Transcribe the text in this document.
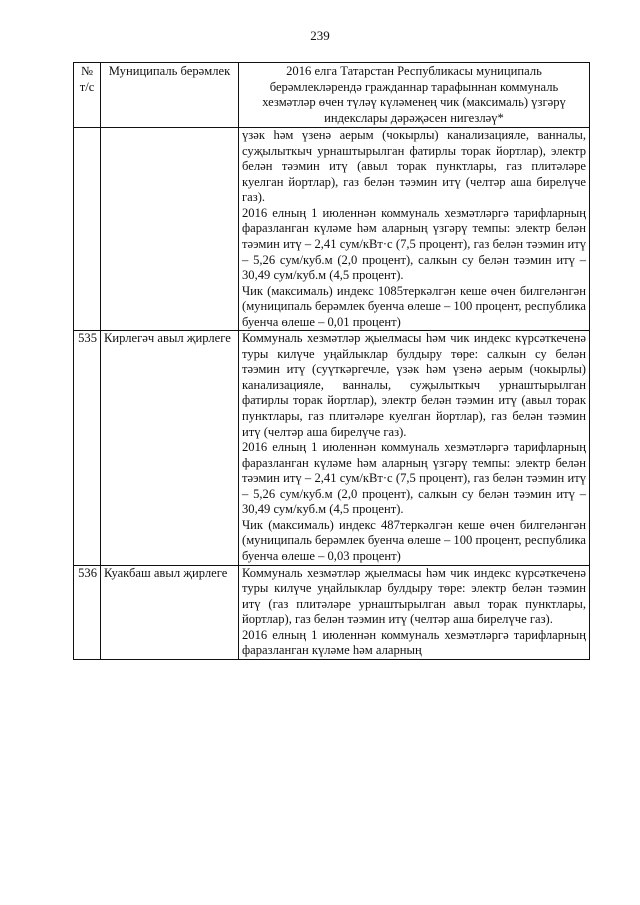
239
№ т/с	Муниципаль берәмлек	2016 елга Татарстан Республикасы муниципаль берәмлекләрендә гражданнар тарафыннан коммуналь хезмәтләр өчен түләү күләменең чик (максималь) үзгәрү индекслары дәрәҗәсен нигезләү*

		үзәк һәм үзенә аерым (чокырлы) канализацияле, ванналы, суҗылыткыч урнаштырылган фатирлы торак йортлар), электр белән тәэмин итү (авыл торак пунктлары, газ плитәләре куелган йортлар), газ белән тәэмин итү (челтәр аша бирелүче газ).

2016 елның 1 июленнән коммуналь хезмәтләргә тарифларның фаразланган күләме һәм аларның үзгәрү темпы: электр белән тәэмин итү – 2,41 сум/кВт·с (7,5 процент), газ белән тәэмин итү – 5,26 сум/куб.м (2,0 процент), салкын су белән тәэмин итү – 30,49 сум/куб.м (4,5 процент).

Чик (максималь) индекс 1085теркәлгән кеше өчен билгеләнгән (муниципаль берәмлек буенча өлеше – 100 процент, республика буенча өлеше – 0,01 процент)

535	Кирлегәч авыл җирлеге	Коммуналь хезмәтләр җыелмасы һәм чик индекс күрсәткеченә туры килүче уңайлыклар булдыру төре: салкын су белән тәэмин итү (суүткәргечле, үзәк һәм үзенә аерым (чокырлы) канализацияле, ванналы, суҗылыткыч урнаштырылган фатирлы торак йортлар), электр белән тәэмин итү (авыл торак пунктлары, газ плитәләре куелган йортлар), газ белән тәэмин итү (челтәр аша бирелүче газ).

2016 елның 1 июленнән коммуналь хезмәтләргә тарифларның фаразланган күләме һәм аларның үзгәрү темпы: электр белән тәэмин итү – 2,41 сум/кВт·с (7,5 процент), газ белән тәэмин итү – 5,26 сум/куб.м (2,0 процент), салкын су белән тәэмин итү – 30,49 сум/куб.м (4,5 процент).

Чик (максималь) индекс 487теркәлгән кеше өчен билгеләнгән (муниципаль берәмлек буенча өлеше – 100 процент, республика буенча өлеше – 0,03 процент)

536	Куакбаш авыл җирлеге	Коммуналь хезмәтләр җыелмасы һәм чик индекс күрсәткеченә туры килүче уңайлыклар булдыру төре: электр белән тәэмин итү (газ плитәләре урнаштырылган авыл торак пунктлары, йортлар), газ белән тәэмин итү (челтәр аша бирелүче газ).

2016 елның 1 июленнән коммуналь хезмәтләргә тарифларның фаразланган күләме һәм аларның
